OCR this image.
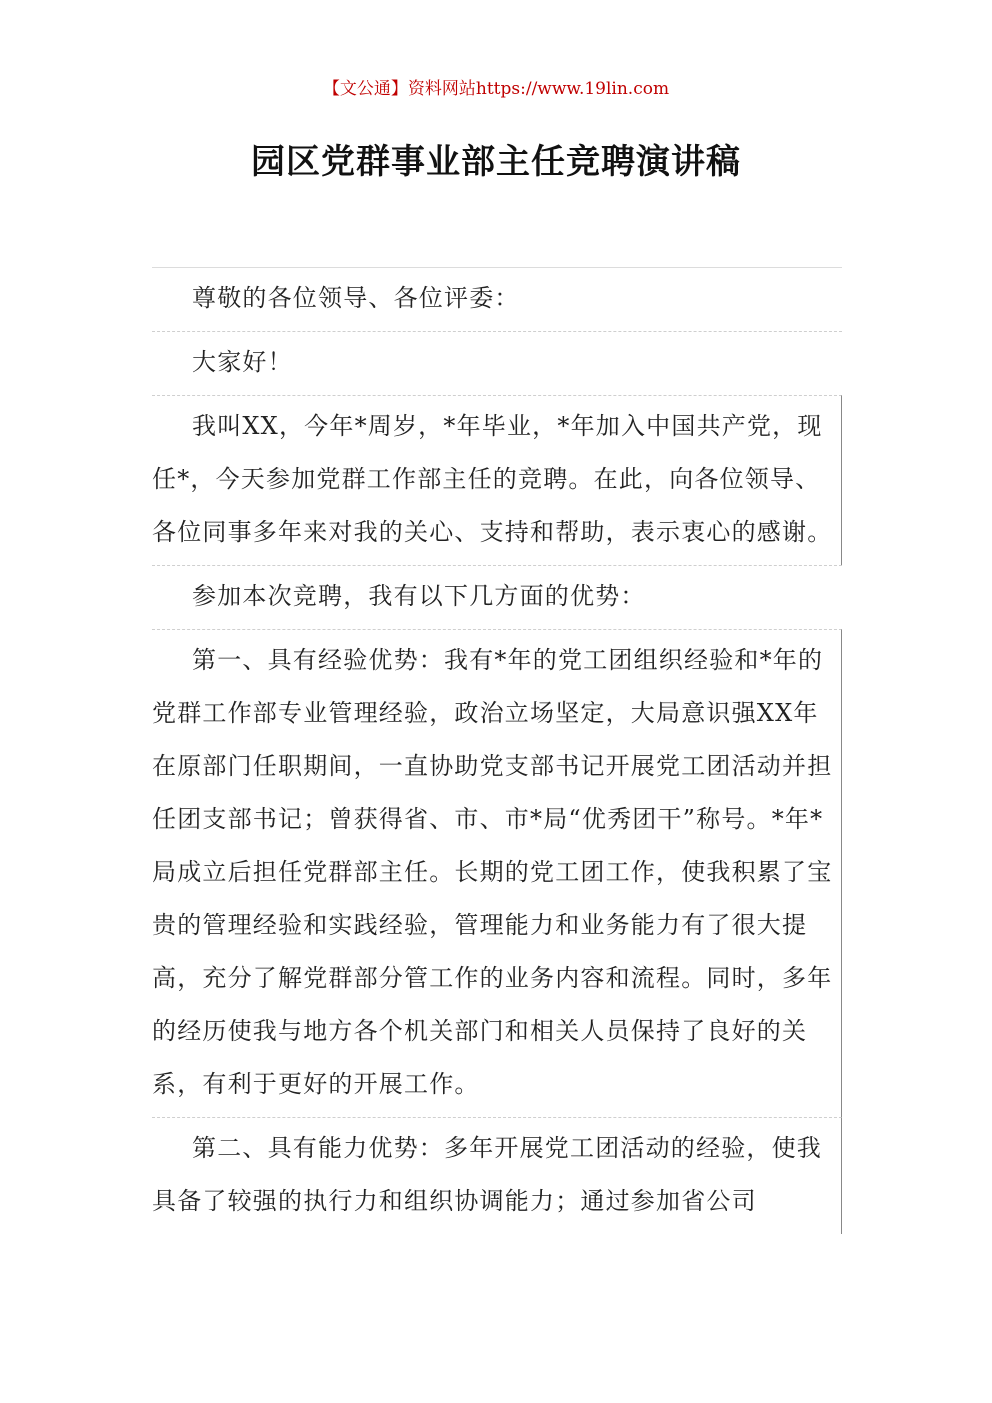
【文公通】资料网站https://www.19lin.com
园区党群事业部主任竞聘演讲稿

尊敬的各位领导、各位评委：

大家好！

我叫XX，今年*周岁，*年毕业，*年加入中国共产党，现任*，今天参加党群工作部主任的竞聘。在此，向各位领导、各位同事多年来对我的关心、支持和帮助，表示衷心的感谢。

参加本次竞聘，我有以下几方面的优势：

第一、具有经验优势：我有*年的党工团组织经验和*年的党群工作部专业管理经验，政治立场坚定，大局意识强XX年在原部门任职期间，一直协助党支部书记开展党工团活动并担任团支部书记；曾获得省、市、市*局“优秀团干”称号。*年*局成立后担任党群部主任。长期的党工团工作，使我积累了宝贵的管理经验和实践经验，管理能力和业务能力有了很大提高，充分了解党群部分管工作的业务内容和流程。同时，多年的经历使我与地方各个机关部门和相关人员保持了良好的关系，有利于更好的开展工作。

第二、具有能力优势：多年开展党工团活动的经验，使我具备了较强的执行力和组织协调能力；通过参加省公司
